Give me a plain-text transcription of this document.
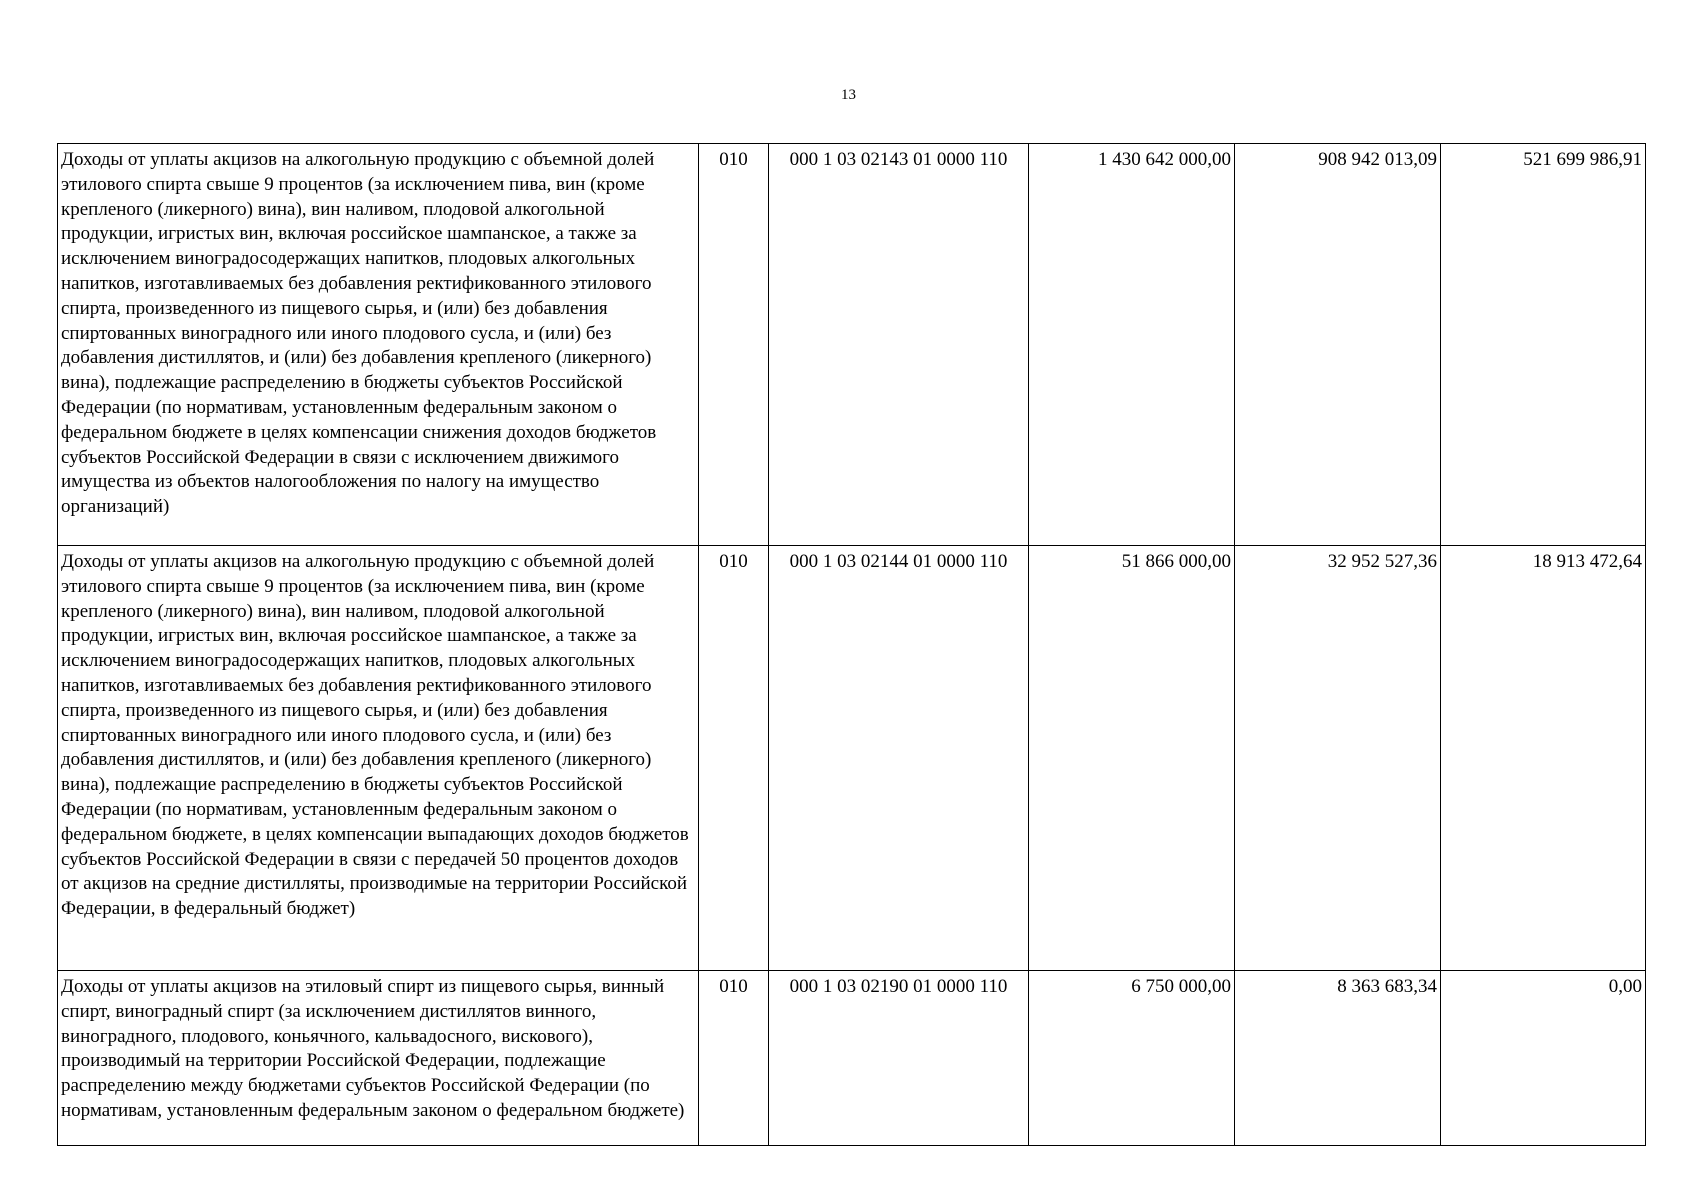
13
Доходы от уплаты акцизов на алкогольную продукцию с объемной долей этилового спирта свыше 9 процентов (за исключением пива, вин (кроме крепленого (ликерного) вина), вин наливом, плодовой алкогольной продукции, игристых вин, включая российское шампанское, а также за исключением виноградосодержащих напитков, плодовых алкогольных напитков, изготавливаемых без добавления ректификованного этилового спирта, произведенного из пищевого сырья, и (или) без добавления спиртованных виноградного или иного плодового сусла, и (или) без добавления дистиллятов, и (или) без добавления крепленого (ликерного) вина), подлежащие распределению в бюджеты субъектов Российской Федерации (по нормативам, установленным федеральным законом о федеральном бюджете в целях компенсации снижения доходов бюджетов субъектов Российской Федерации в связи с исключением движимого имущества из объектов налогообложения по налогу на имущество организаций)	010	000 1 03 02143 01 0000 110	1 430 642 000,00	908 942 013,09	521 699 986,91
Доходы от уплаты акцизов на алкогольную продукцию с объемной долей этилового спирта свыше 9 процентов (за исключением пива, вин (кроме крепленого (ликерного) вина), вин наливом, плодовой алкогольной продукции, игристых вин, включая российское шампанское, а также за исключением виноградосодержащих напитков, плодовых алкогольных напитков, изготавливаемых без добавления ректификованного этилового спирта, произведенного из пищевого сырья, и (или) без добавления спиртованных виноградного или иного плодового сусла, и (или) без добавления дистиллятов, и (или) без добавления крепленого (ликерного) вина), подлежащие распределению в бюджеты субъектов Российской Федерации (по нормативам, установленным федеральным законом о федеральном бюджете, в целях компенсации выпадающих доходов бюджетов субъектов Российской Федерации в связи с передачей 50 процентов доходов от акцизов на средние дистилляты, производимые на территории Российской Федерации, в федеральный бюджет)	010	000 1 03 02144 01 0000 110	51 866 000,00	32 952 527,36	18 913 472,64
Доходы от уплаты акцизов на этиловый спирт из пищевого сырья, винный спирт, виноградный спирт (за исключением дистиллятов винного, виноградного, плодового, коньячного, кальвадосного, вискового), производимый на территории Российской Федерации, подлежащие распределению между бюджетами субъектов Российской Федерации (по нормативам, установленным федеральным законом о федеральном бюджете)	010	000 1 03 02190 01 0000 110	6 750 000,00	8 363 683,34	0,00
